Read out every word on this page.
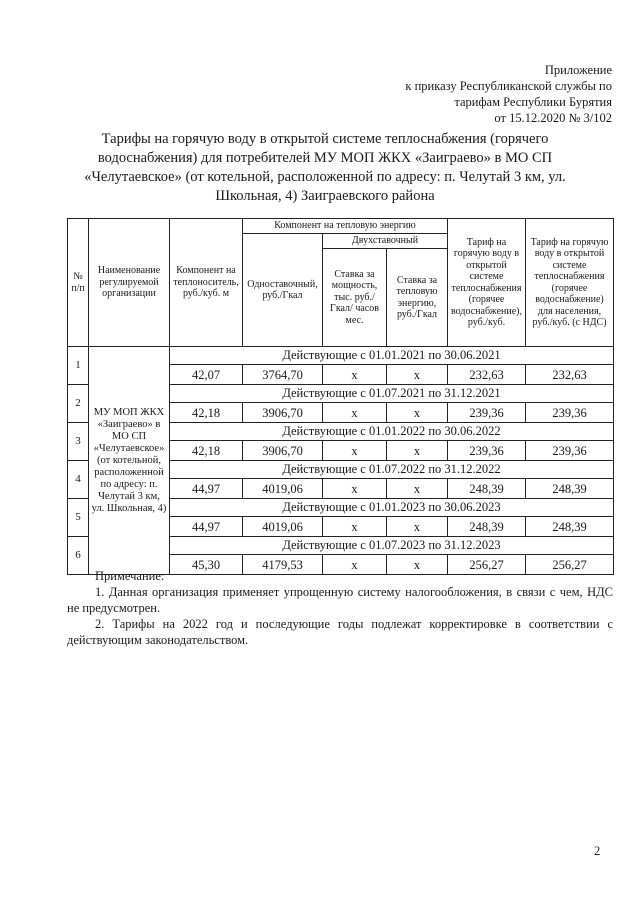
Приложение
к приказу Республиканской службы по
тарифам Республики Бурятия
от 15.12.2020 № 3/102
Тарифы на горячую воду в открытой системе теплоснабжения (горячего водоснабжения) для потребителей МУ МОП ЖКХ «Заиграево» в МО СП «Челутаевское» (от котельной, расположенной по адресу: п. Челутай 3 км, ул. Школьная, 4) Заиграевского района
№ п/п	Наименование регулируемой организации	Компонент на теплоноситель, руб./куб. м	Компонент на тепловую энергию			Тариф на горячую воду в открытой системе теплоснабжения (горячее водоснабжение), руб./куб.	Тариф на горячую воду в открытой системе теплоснабжения (горячее водоснабжение) для населения, руб./куб. (с НДС)
			Одноставочный, руб./Гкал	Двухставочный			
				Ставка за мощность, тыс. руб./Гкал/ часов мес.	Ставка за тепловую энергию, руб./Гкал		
1	МУ МОП ЖКХ «Заиграево» в МО СП «Челутаевское» (от котельной, расположенной по адресу: п. Челутай 3 км, ул. Школьная, 4)	Действующие с 01.01.2021 по 30.06.2021					
		42,07	3764,70	х	х	232,63	232,63
2		Действующие с 01.07.2021 по 31.12.2021					
		42,18	3906,70	х	х	239,36	239,36
3		Действующие с 01.01.2022 по 30.06.2022					
		42,18	3906,70	х	х	239,36	239,36
4		Действующие с 01.07.2022 по 31.12.2022					
		44,97	4019,06	х	х	248,39	248,39
5		Действующие с 01.01.2023 по 30.06.2023					
		44,97	4019,06	х	х	248,39	248,39
6		Действующие с 01.07.2023 по 31.12.2023					
		45,30	4179,53	х	х	256,27	256,27

Примечание:

1. Данная организация применяет упрощенную систему налогообложения, в связи с чем, НДС не предусмотрен.

2. Тарифы на 2022 год и последующие годы подлежат корректировке в соответствии с действующим законодательством.

2
